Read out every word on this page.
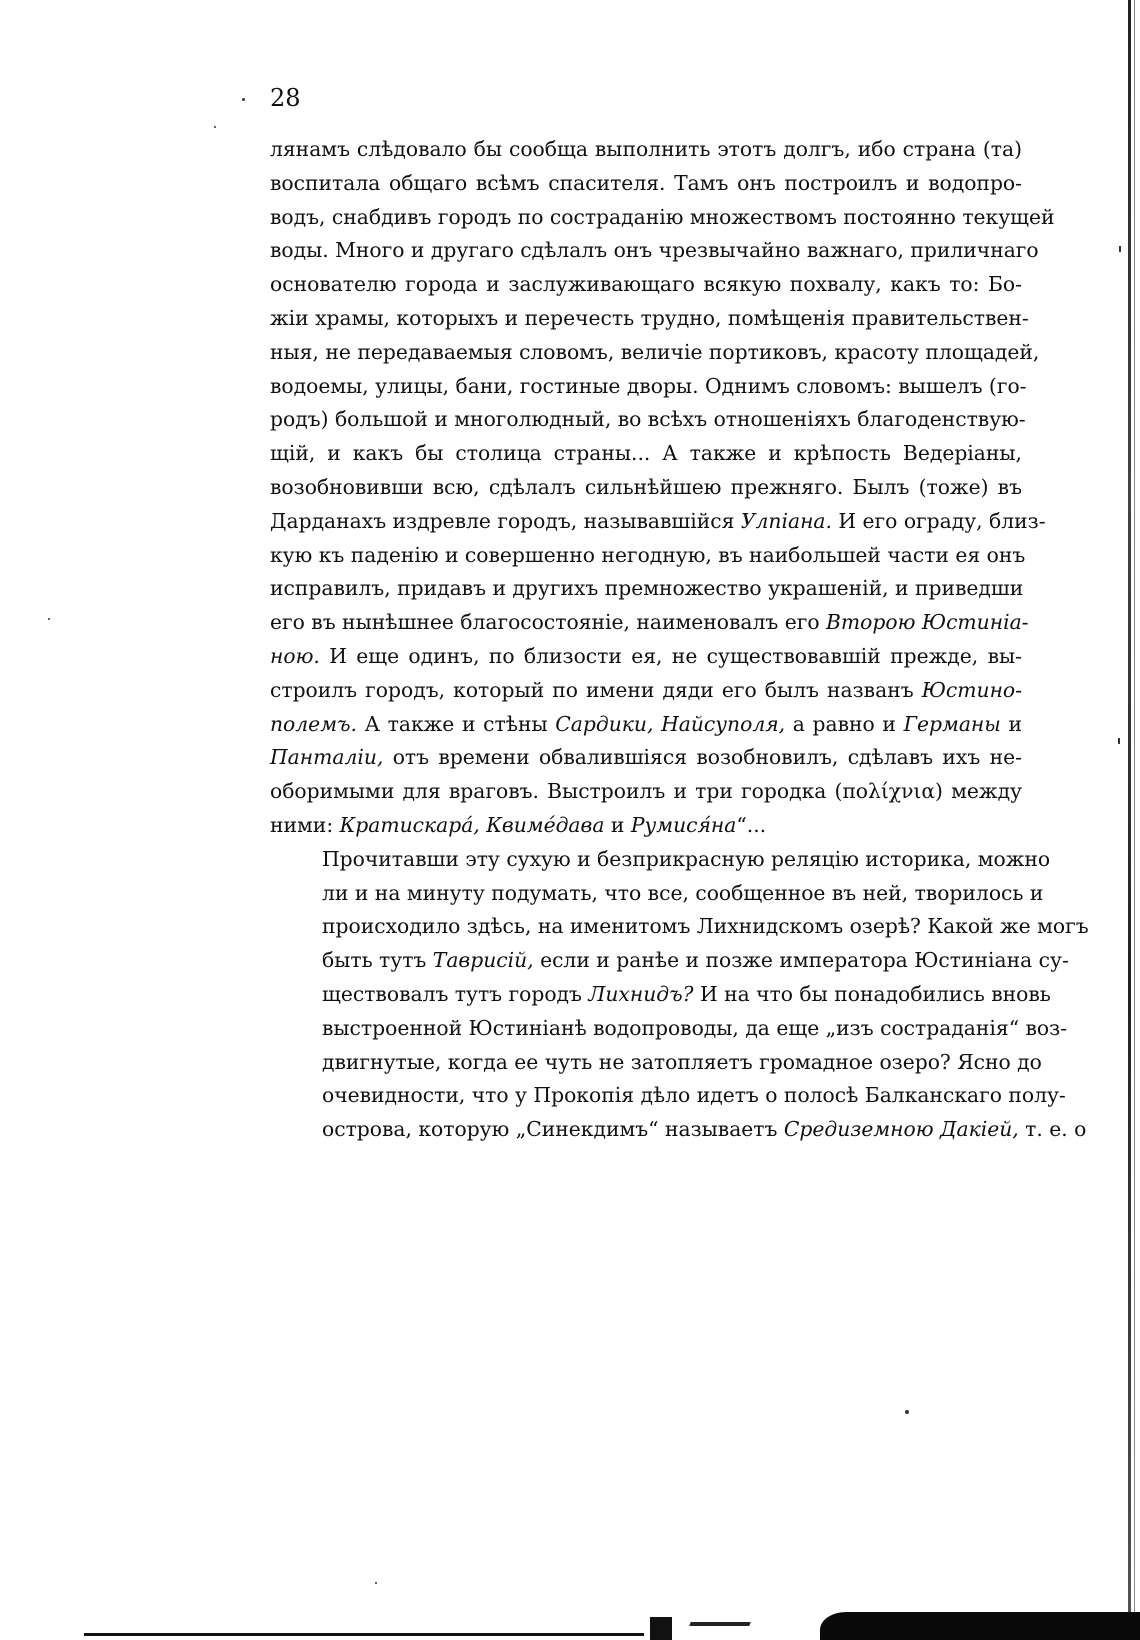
28

лянамъ слѣдовало бы сообща выполнить этотъ долгъ, ибо страна (та)
воспитала общаго всѣмъ спасителя. Тамъ онъ построилъ и водопро-
водъ, снабдивъ городъ по состраданію множествомъ постоянно текущей
воды. Много и другаго сдѣлалъ онъ чрезвычайно важнаго, приличнаго
основателю города и заслуживающаго всякую похвалу, какъ то: Бо-
жіи храмы, которыхъ и перечесть трудно, помѣщенія правительствен-
ныя, не передаваемыя словомъ, величіе портиковъ, красоту площадей,
водоемы, улицы, бани, гостиные дворы. Однимъ словомъ: вышелъ (го-
родъ) большой и многолюдный, во всѣхъ отношеніяхъ благоденствую-
щій, и какъ бы столица страны... А также и крѣпость Ведеріаны,
возобновивши всю, сдѣлалъ сильнѣйшею прежняго. Былъ (тоже) въ
Дарданахъ издревле городъ, называвшійся Улпіана. И его ограду, близ-
кую къ паденію и совершенно негодную, въ наибольшей части ея онъ
исправилъ, придавъ и другихъ премножество украшеній, и приведши
его въ нынѣшнее благосостояніе, наименовалъ его Второю Юстиніа-
ною. И еще одинъ, по близости ея, не существовавшій прежде, вы-
строилъ городъ, который по имени дяди его былъ названъ Юстино-
полемъ. А также и стѣны Сардики, Найсуполя, а равно и Германы и
Панталіи, отъ времени обвалившіяся возобновилъ, сдѣлавъ ихъ не-
оборимыми для враговъ. Выстроилъ и три городка (πολίχνια) между
ними: Кратискара́, Квимéдава и Румися́на“...

Прочитавши эту сухую и безприкрасную реляцію историка, можно
ли и на минуту подумать, что все, сообщенное въ ней, творилось и
происходило здѣсь, на именитомъ Лихнидскомъ озерѣ? Какой же могъ
быть тутъ Таврисій, если и ранѣе и позже императора Юстиніана су-
ществовалъ тутъ городъ Лихнидъ? И на что бы понадобились вновь
выстроенной Юстиніанѣ водопроводы, да еще „изъ состраданія“ воз-
двигнутые, когда ее чуть не затопляетъ громадное озеро? Ясно до
очевидности, что у Прокопія дѣло идетъ о полосѣ Балканскаго полу-
острова, которую „Синекдимъ“ называетъ Средиземною Дакіей, т. е. о
